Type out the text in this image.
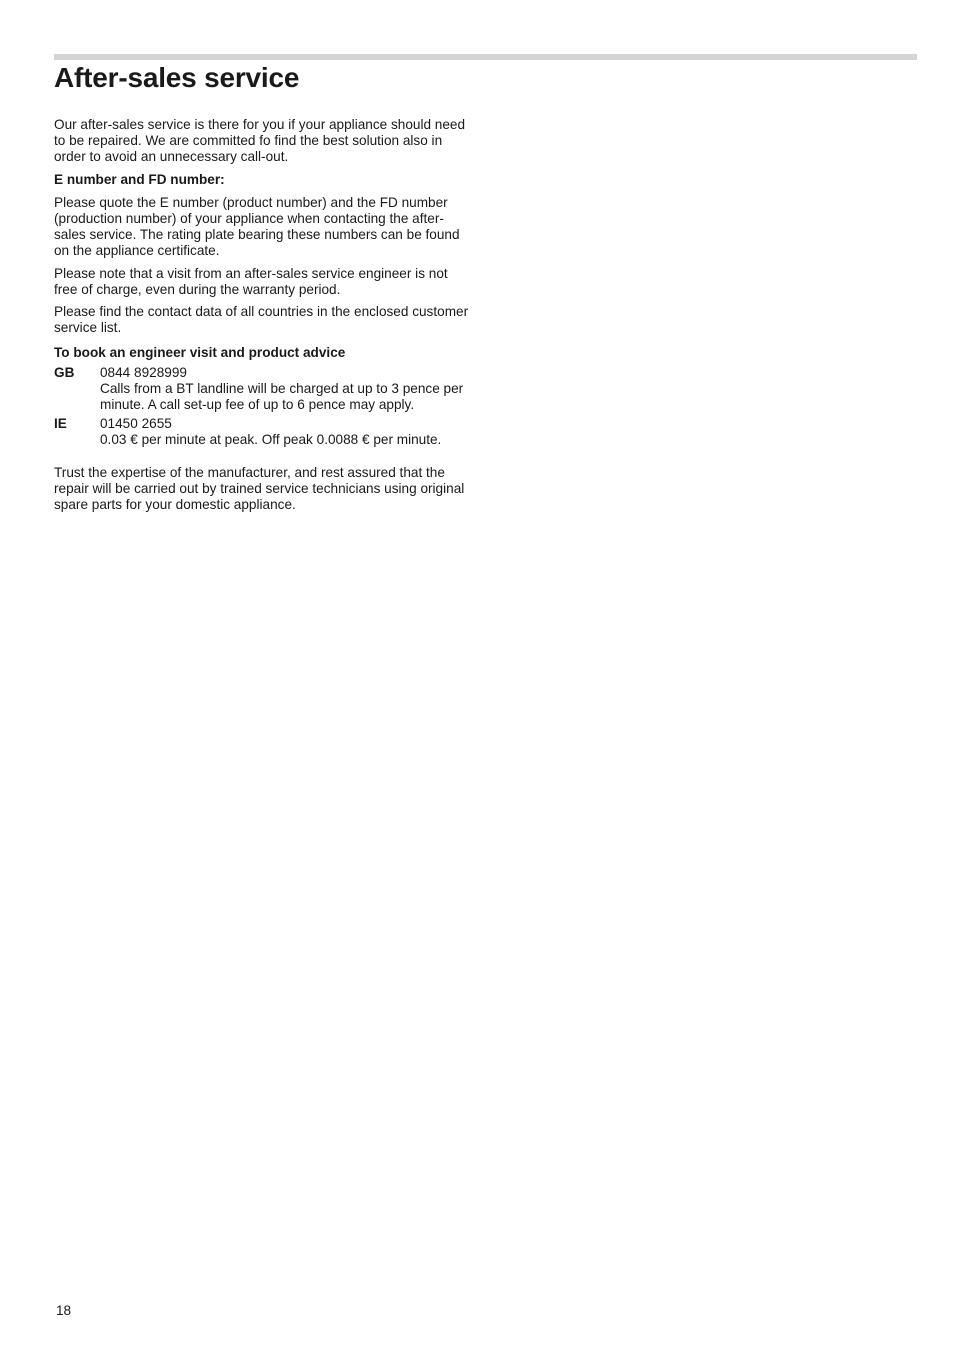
After-sales service

Our after-sales service is there for you if your appliance should need to be repaired. We are committed fo find the best solution also in order to avoid an unnecessary call-out.

E number and FD number:

Please quote the E number (product number) and the FD number (production number) of your appliance when contacting the after-sales service. The rating plate bearing these numbers can be found on the appliance certificate.

Please note that a visit from an after-sales service engineer is not free of charge, even during the warranty period.

Please find the contact data of all countries in the enclosed customer service list.

To book an engineer visit and product advice
GB	0844 8928999
Calls from a BT landline will be charged at up to 3 pence per minute. A call set-up fee of up to 6 pence may apply.
IE	01450 2655
0.03 € per minute at peak. Off peak 0.0088 € per minute.

Trust the expertise of the manufacturer, and rest assured that the repair will be carried out by trained service technicians using original spare parts for your domestic appliance.

18
